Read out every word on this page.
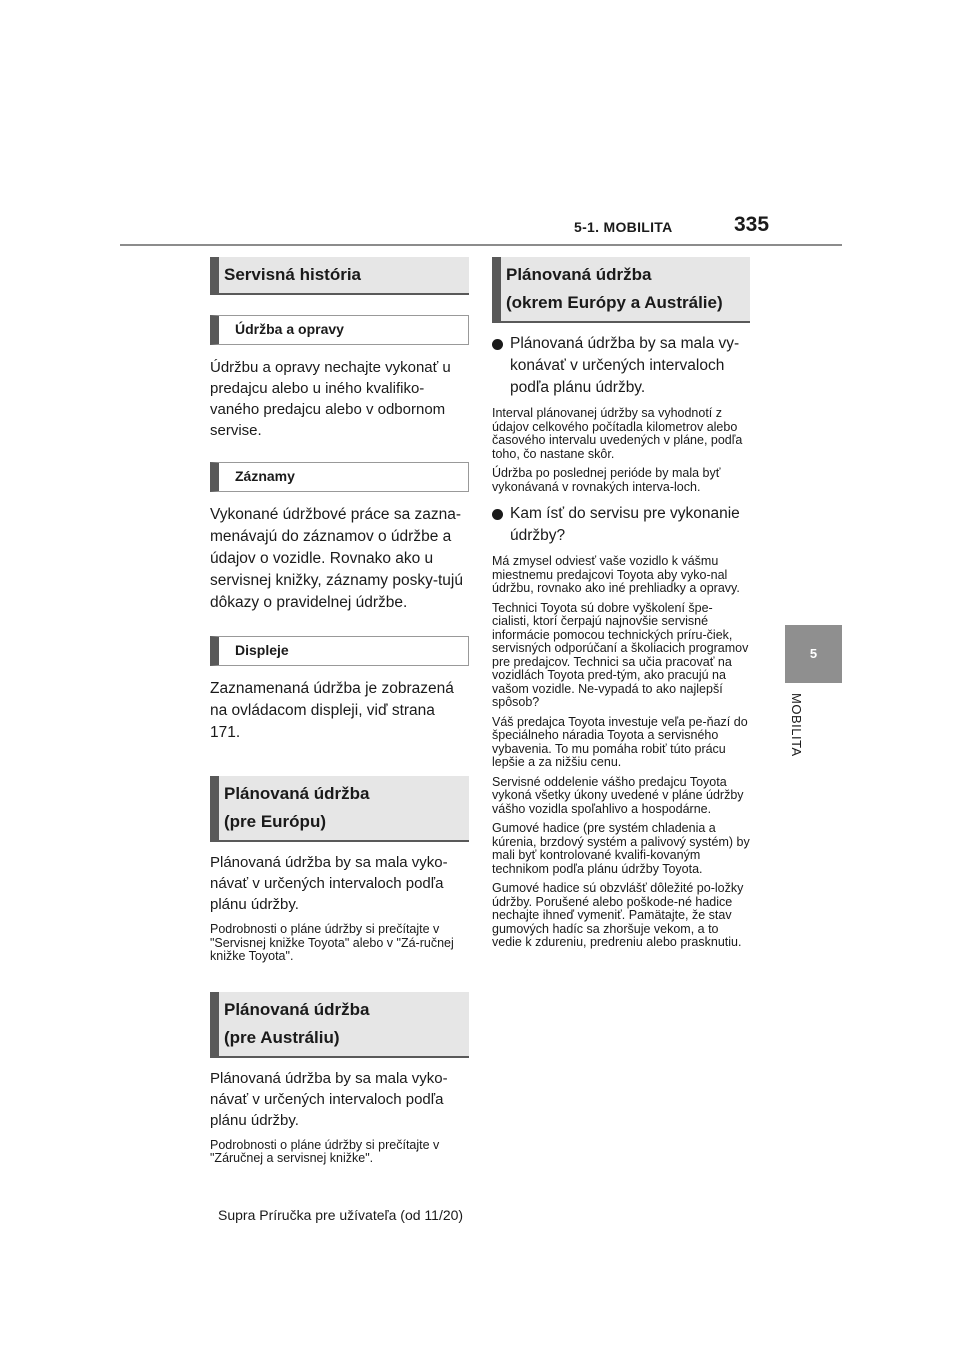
5-1. MOBILITA	335
5
MOBILITA
Servisná história
Údržba a opravy

Údržbu a opravy nechajte vykonať u predajcu alebo u iného kvalifiko-vaného predajcu alebo v odbornom servise.

Záznamy

Vykonané údržbové práce sa zazna-menávajú do záznamov o údržbe a údajov o vozidle. Rovnako ako u servisnej knižky, záznamy posky-tujú dôkazy o pravidelnej údržbe.

Displeje

Zaznamenaná údržba je zobrazená na ovládacom displeji, viď strana 171.

Plánovaná údržba
(pre Európu)

Plánovaná údržba by sa mala vyko-návať v určených intervaloch podľa plánu údržby.

Podrobnosti o pláne údržby si prečítajte v "Servisnej knižke Toyota" alebo v "Zá-ručnej knižke Toyota".

Plánovaná údržba
(pre Austráliu)

Plánovaná údržba by sa mala vyko-návať v určených intervaloch podľa plánu údržby.

Podrobnosti o pláne údržby si prečítajte v "Záručnej a servisnej knižke".

Plánovaná údržba
(okrem Európy a Austrálie)

Plánovaná údržba by sa mala vy-konávať v určených intervaloch podľa plánu údržby.

Interval plánovanej údržby sa vyhodnotí z údajov celkového počítadla kilometrov alebo časového intervalu uvedených v pláne, podľa toho, čo nastane skôr.

Údržba po poslednej perióde by mala byť vykonávaná v rovnakých interva-loch.

Kam ísť do servisu pre vykonanie údržby?

Má zmysel odviesť vaše vozidlo k vášmu miestnemu predajcovi Toyota aby vyko-nal údržbu, rovnako ako iné prehliadky a opravy.

Technici Toyota sú dobre vyškolení špe-cialisti, ktorí čerpajú najnovšie servisné informácie pomocou technických príru-čiek, servisných odporúčaní a školiacich programov pre predajcov. Technici sa učia pracovať na vozidlách Toyota pred-tým, ako pracujú na vašom vozidle. Ne-vypadá to ako najlepší spôsob?

Váš predajca Toyota investuje veľa pe-ňazí do špeciálneho náradia Toyota a servisného vybavenia. To mu pomáha robiť túto prácu lepšie a za nižšiu cenu.

Servisné oddelenie vášho predajcu Toyota vykoná všetky úkony uvedené v pláne údržby vášho vozidla spoľahlivo a hospodárne.

Gumové hadice (pre systém chladenia a kúrenia, brzdový systém a palivový systém) by mali byť kontrolované kvalifi-kovaným technikom podľa plánu údržby Toyota.

Gumové hadice sú obzvlášť dôležité po-ložky údržby. Porušené alebo poškode-né hadice nechajte ihneď vymeniť. Pamätajte, že stav gumových hadíc sa zhoršuje vekom, a to vedie k zdureniu, predreniu alebo prasknutiu.

Supra Príručka pre užívateľa (od 11/20)
